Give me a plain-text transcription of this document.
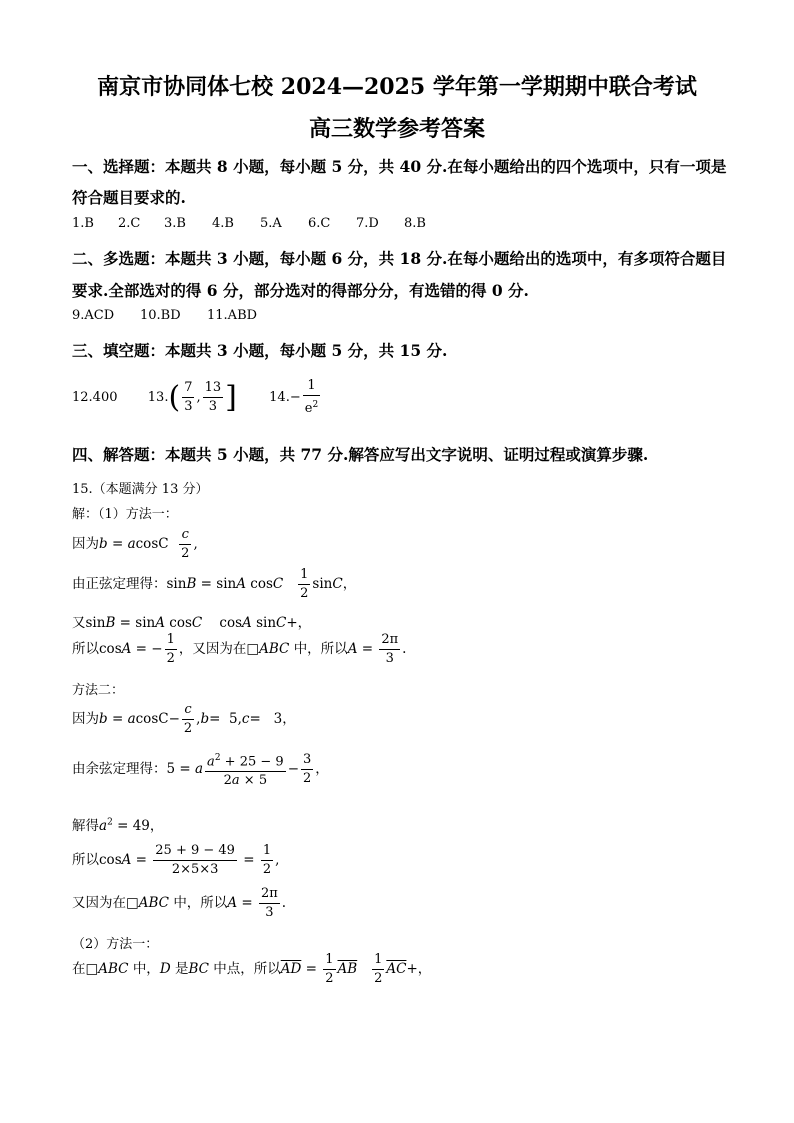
南京市协同体七校 2024—2025 学年第一学期期中联合考试
高三数学参考答案
一、选择题：本题共 8 小题，每小题 5 分，共 40 分.在每小题给出的四个选项中，只有一项是
符合题目要求的.
1.B 2.C 3.B 4.B 5.A 6.C 7.D 8.B
二、多选题：本题共 3 小题，每小题 6 分，共 18 分.在每小题给出的选项中，有多项符合题目
要求.全部选对的得 6 分，部分选对的得部分分，有选错的得 0 分.
9.ACD 10.BD 11.ABD
三、填空题：本题共 3 小题，每小题 5 分，共 15 分.
12.400 $13.( \frac{7}{3}$ , $\frac{13}{3}$ ] $14.- \frac{1}{e^2}$
四、解答题：本题共 5 小题，共 77 分.解答应写出文字说明、证明过程或演算步骤.
15.（本题满分 13 分）
解：（1）方法一：
因为b = acosC $\frac{c}{2}$ ,
由正弦定理得：sinB = sinA cosC $\frac{1}{2}$ sinC，
又sinB = sinA cosC    cosA sinC+，
所以cosA = − $\frac{1}{2}$ ，又因为在□ABC 中，所以$A = \frac{2\pi}{3}$ .
方法二：
因为$b = acosC- \frac{c}{2} ,b= 5,c= 3$，
由余弦定理得：5 = a $\frac{a^2 + 25 - 9}{2a \times 5} - \frac{3}{2}$ ，
解得$a^2 = 49$，
所以$\cos A = \frac{25 + 9 - 49}{2\times 5\times 3} = \frac{1}{2}$ ,
又因为在□ABC 中，所以$A = \frac{2\pi}{3}$ .
（2）方法一：
在□ABC 中，D 是BC 中点，所以$\overline{AD} = \frac{1}{2} \overline{AB} \frac{1}{2} \overline{AC}+$，
